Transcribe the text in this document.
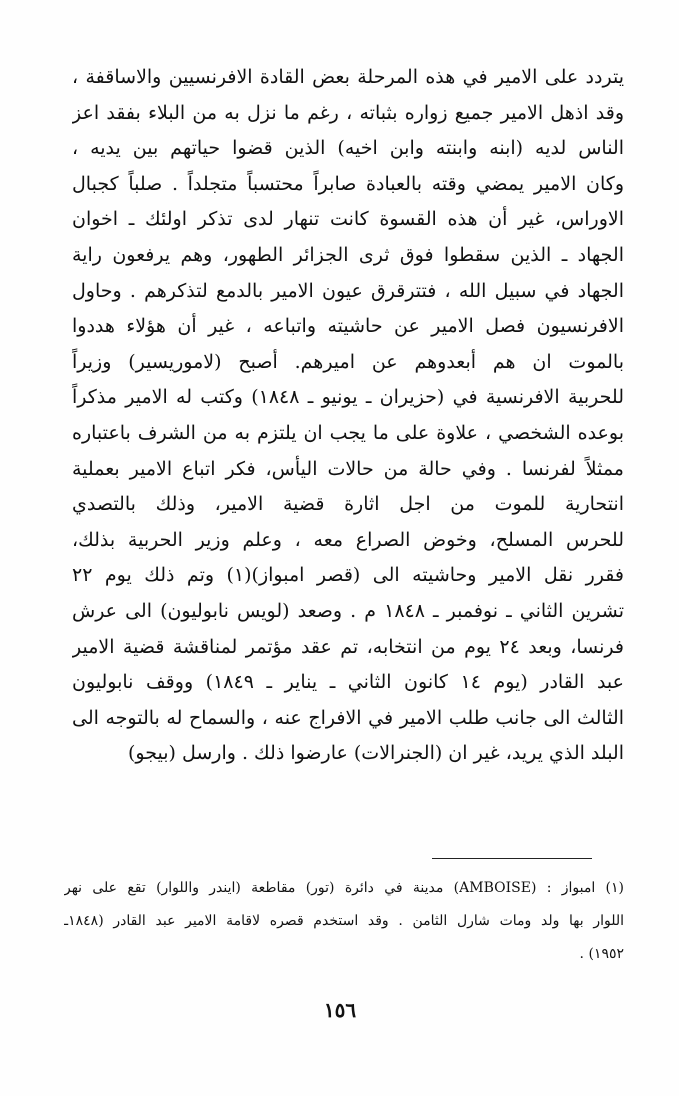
يتردد على الامير في هذه المرحلة بعض القادة الافرنسيين والاساقفة ،
وقد اذهل الامير جميع زواره بثباته ، رغم ما نزل به من البلاء بفقد اعز
الناس لديه (ابنه وابنته وابن اخيه) الذين قضوا حياتهم بين يديه ،
وكان الامير يمضي وقته بالعبادة صابراً محتسباً متجلداً . صلباً كجبال
الاوراس، غير أن هذه القسوة كانت تنهار لدى تذكر اولئك ـ اخوان
الجهاد ـ الذين سقطوا فوق ثرى الجزائر الطهور، وهم يرفعون راية
الجهاد في سبيل الله ، فتترقرق عيون الامير بالدمع لتذكرهم . وحاول
الافرنسيون فصل الامير عن حاشيته واتباعه ، غير أن هؤلاء هددوا
بالموت ان هم أبعدوهم عن اميرهم. أصبح (لاموريسير) وزيراً
للحربية الافرنسية في (حزيران ـ يونيو ـ ١٨٤٨) وكتب له الامير مذكراً
بوعده الشخصي ، علاوة على ما يجب ان يلتزم به من الشرف باعتباره
ممثلاً لفرنسا . وفي حالة من حالات اليأس، فكر اتباع الامير بعملية
انتحارية للموت من اجل اثارة قضية الامير، وذلك بالتصدي
للحرس المسلح، وخوض الصراع معه ، وعلم وزير الحربية بذلك،
فقرر نقل الامير وحاشيته الى (قصر امبواز)(١) وتم ذلك يوم ٢٢
تشرين الثاني ـ نوفمبر ـ ١٨٤٨ م . وصعد (لويس نابوليون) الى عرش
فرنسا، وبعد ٢٤ يوم من انتخابه، تم عقد مؤتمر لمناقشة قضية الامير
عبد القادر (يوم ١٤ كانون الثاني ـ يناير ـ ١٨٤٩) ووقف نابوليون
الثالث الى جانب طلب الامير في الافراج عنه ، والسماح له بالتوجه الى
البلد الذي يريد، غير ان (الجنرالات) عارضوا ذلك . وارسل (بيجو)
(١) امبواز : (AMBOISE) مدينة في دائرة (تور) مقاطعة (ايندر واللوار) تقع على نهر
اللوار بها ولد ومات شارل الثامن . وقد استخدم قصره لاقامة الامير عبد القادر (١٨٤٨ـ
١٩٥٢) .
١٥٦
